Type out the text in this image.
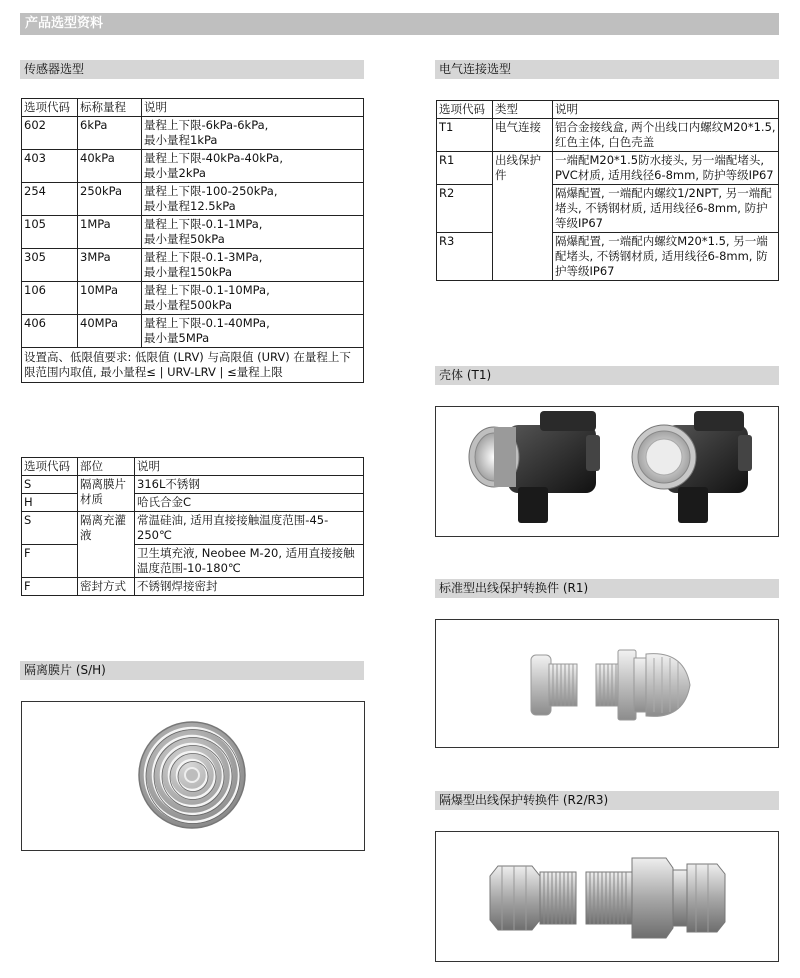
产品选型资料
传感器选型
选项代码	标称量程	说明
602	6kPa	量程上下限-6kPa-6kPa,
最小量程1kPa

403	40kPa	量程上下限-40kPa-40kPa,
最小量2kPa

254	250kPa	量程上下限-100-250kPa,
最小量程12.5kPa

105	1MPa	量程上下限-0.1-1MPa,
最小量程50kPa

305	3MPa	量程上下限-0.1-3MPa,
最小量程150kPa

106	10MPa	量程上下限-0.1-10MPa,
最小量程500kPa

406	40MPa	量程上下限-0.1-40MPa,
最小量5MPa

设置高、低限值要求: 低限值 (LRV) 与高限值 (URV) 在量程上下限范围内取值, 最小量程≤ | URV-LRV | ≤量程上限		
选项代码	部位	说明
S	隔离膜片材质	316L不锈钢
H		哈氏合金C
S	隔离充灌液	常温硅油, 适用直接接触温度范围-45-250℃
F		卫生填充液, Neobee M-20, 适用直接接触温度范围-10-180℃
F	密封方式	不锈钢焊接密封
隔离膜片 (S/H)
电气连接选型
选项代码	类型	说明
T1	电气连接	铝合金接线盒, 两个出线口内螺纹M20*1.5, 红色主体, 白色壳盖
R1	出线保护件	一端配M20*1.5防水接头, 另一端配堵头, PVC材质, 适用线径6-8mm, 防护等级IP67
R2		隔爆配置, 一端配内螺纹1/2NPT, 另一端配堵头, 不锈钢材质, 适用线径6-8mm, 防护等级IP67
R3		隔爆配置, 一端配内螺纹M20*1.5, 另一端配堵头, 不锈钢材质, 适用线径6-8mm, 防护等级IP67
壳体 (T1)
标准型出线保护转换件 (R1)
隔爆型出线保护转换件 (R2/R3)
